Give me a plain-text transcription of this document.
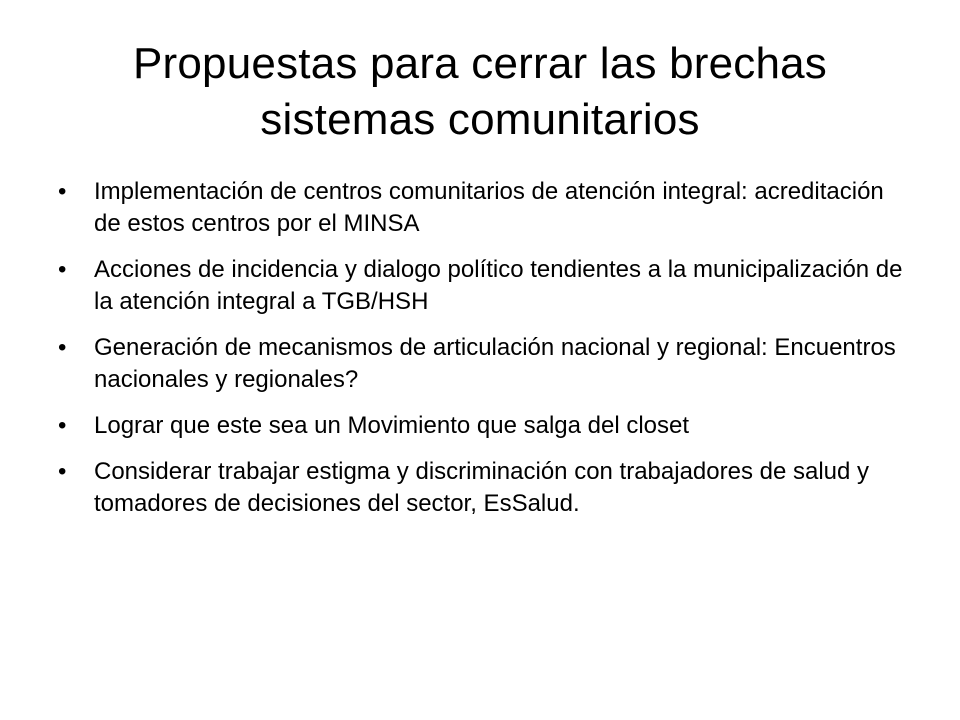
Propuestas para cerrar las brechas
sistemas comunitarios
•	Implementación de centros comunitarios de atención integral: acreditación de estos centros por el MINSA
•	Acciones de incidencia y dialogo político tendientes a la municipalización de la atención integral a TGB/HSH
•	Generación de mecanismos de articulación nacional y regional: Encuentros nacionales y regionales?
•	Lograr que este sea un Movimiento que salga del closet
•	Considerar trabajar estigma y discriminación con trabajadores de salud y tomadores de decisiones del sector, EsSalud.
